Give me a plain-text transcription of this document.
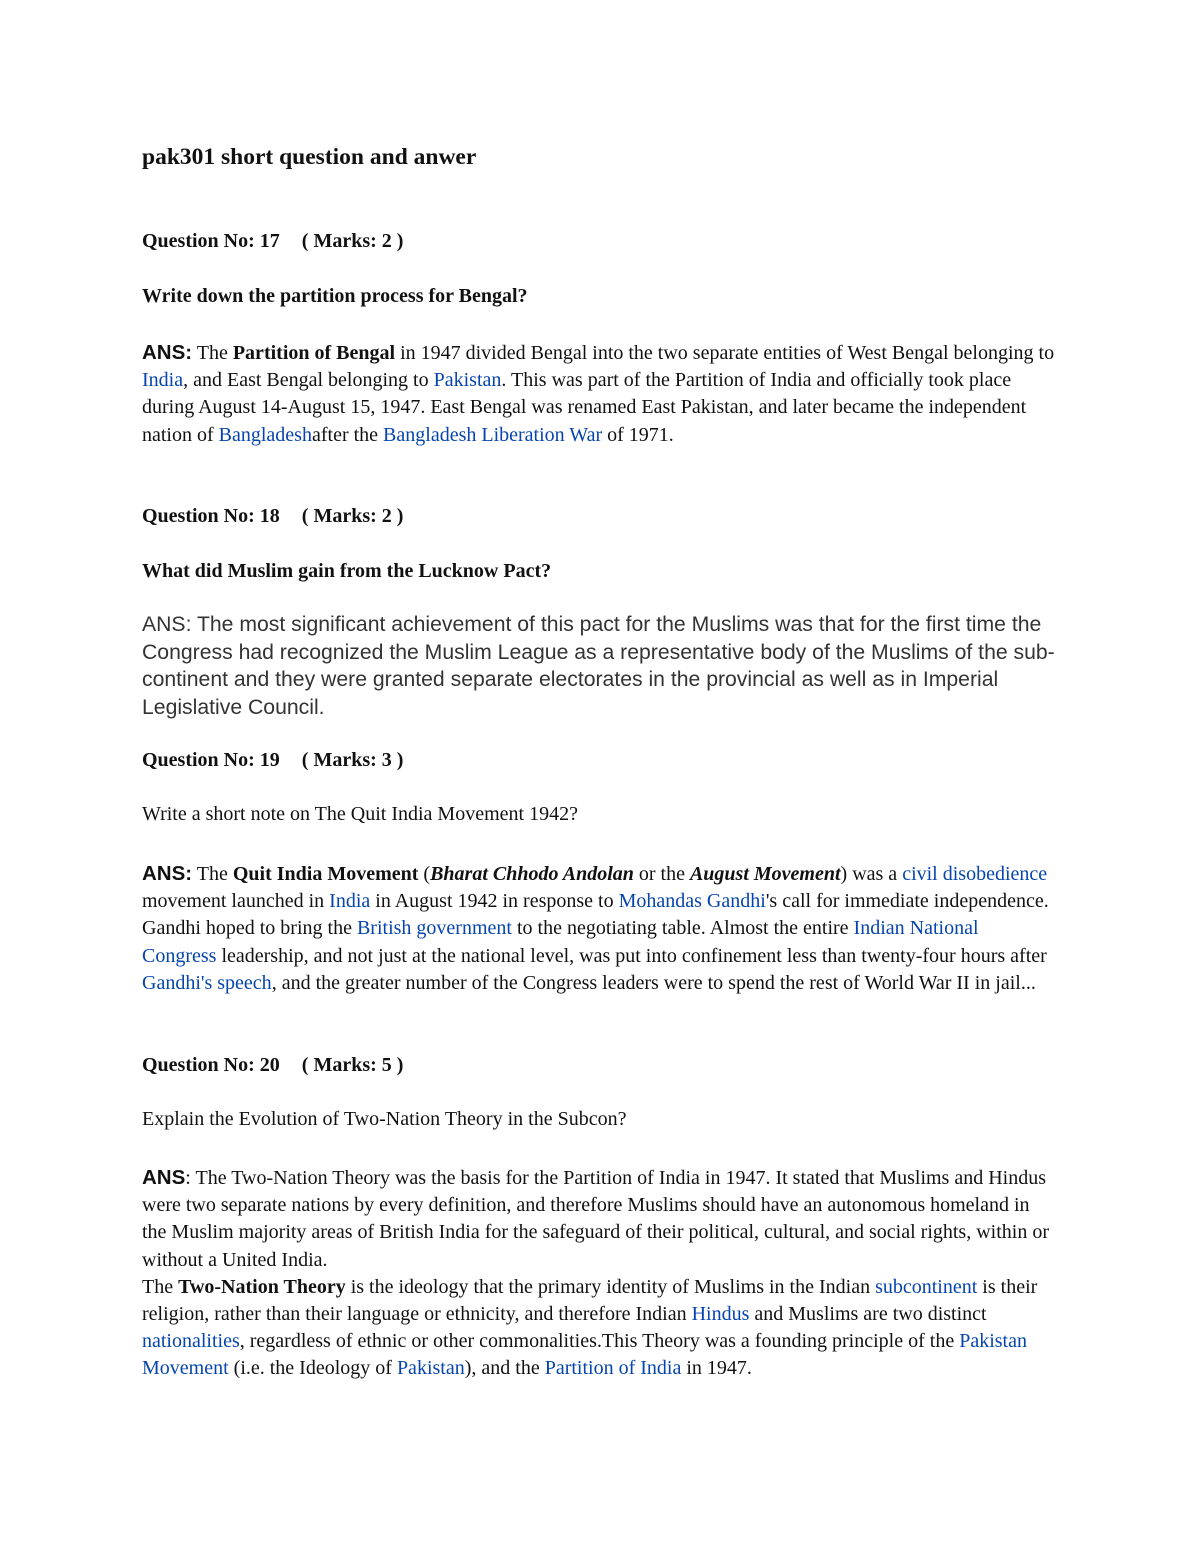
pak301 short question and anwer

Question No: 17 ( Marks: 2 )

Write down the partition process for Bengal?

ANS: The Partition of Bengal in 1947 divided Bengal into the two separate entities of West Bengal belonging to India, and East Bengal belonging to Pakistan. This was part of the Partition of India and officially took place during August 14-August 15, 1947. East Bengal was renamed East Pakistan, and later became the independent nation of Bangladeshafter the Bangladesh Liberation War of 1971.

Question No: 18 ( Marks: 2 )

What did Muslim gain from the Lucknow Pact?

ANS: The most significant achievement of this pact for the Muslims was that for the first time the Congress had recognized the Muslim League as a representative body of the Muslims of the sub-continent and they were granted separate electorates in the provincial as well as in Imperial Legislative Council.

Question No: 19 ( Marks: 3 )

Write a short note on The Quit India Movement 1942?

ANS: The Quit India Movement (Bharat Chhodo Andolan or the August Movement) was a civil disobedience movement launched in India in August 1942 in response to Mohandas Gandhi's call for immediate independence. Gandhi hoped to bring the British government to the negotiating table. Almost the entire Indian National Congress leadership, and not just at the national level, was put into confinement less than twenty-four hours after Gandhi's speech, and the greater number of the Congress leaders were to spend the rest of World War II in jail...

Question No: 20 ( Marks: 5 )

Explain the Evolution of Two-Nation Theory in the Subcon?

ANS: The Two-Nation Theory was the basis for the Partition of India in 1947. It stated that Muslims and Hindus were two separate nations by every definition, and therefore Muslims should have an autonomous homeland in the Muslim majority areas of British India for the safeguard of their political, cultural, and social rights, within or without a United India.
The Two-Nation Theory is the ideology that the primary identity of Muslims in the Indian subcontinent is their religion, rather than their language or ethnicity, and therefore Indian Hindus and Muslims are two distinct nationalities, regardless of ethnic or other commonalities.This Theory was a founding principle of the Pakistan Movement (i.e. the Ideology of Pakistan), and the Partition of India in 1947.
